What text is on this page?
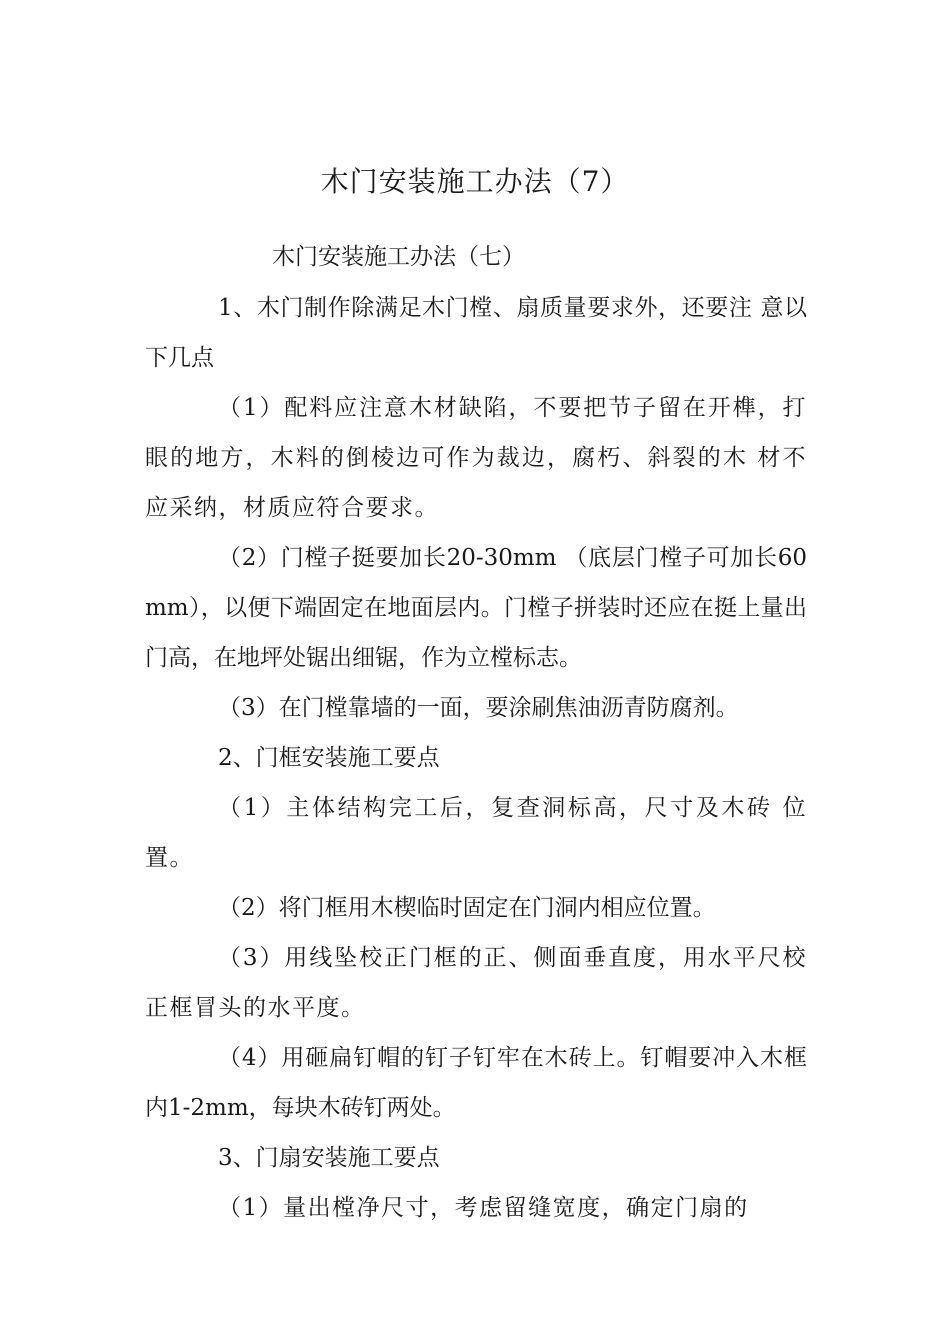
木门安装施工办法（7）
木门安装施工办法（七）

1、木门制作除满足木门樘、扇质量要求外，还要注 意以下几点

（1）配料应注意木材缺陷，不要把节子留在开榫，打眼的地方，木料的倒棱边可作为裁边，腐朽、斜裂的木 材不应采纳，材质应符合要求。

（2）门樘子挺要加长20-30mm （底层门樘子可加长60mm），以便下端固定在地面层内。门樘子拼装时还应在挺上量出门高，在地坪处锯出细锯，作为立樘标志。

（3）在门樘靠墙的一面，要涂刷焦油沥青防腐剂。

2、门框安装施工要点

（1）主体结构完工后，复查洞标高，尺寸及木砖 位置。

（2）将门框用木楔临时固定在门洞内相应位置。

（3）用线坠校正门框的正、侧面垂直度，用水平尺校正框冒头的水平度。

（4）用砸扁钉帽的钉子钉牢在木砖上。钉帽要冲入木框内1-2mm，每块木砖钉两处。

3、门扇安装施工要点

（1）量出樘净尺寸，考虑留缝宽度，确定门扇的
